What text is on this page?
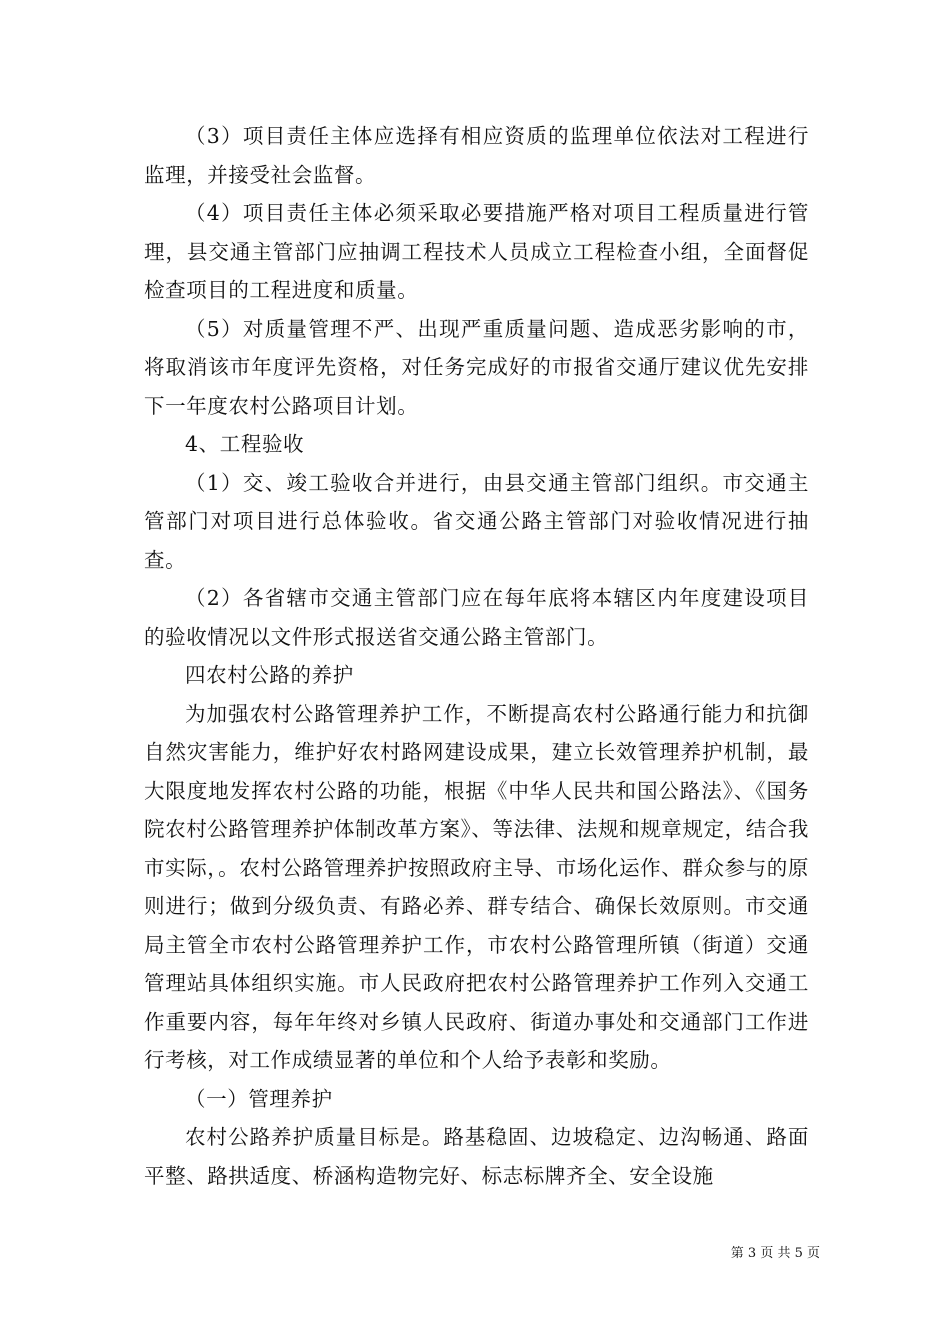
（3）项目责任主体应选择有相应资质的监理单位依法对工程进行监理，并接受社会监督。

（4）项目责任主体必须采取必要措施严格对项目工程质量进行管理，县交通主管部门应抽调工程技术人员成立工程检查小组，全面督促检查项目的工程进度和质量。

（5）对质量管理不严、出现严重质量问题、造成恶劣影响的市，将取消该市年度评先资格，对任务完成好的市报省交通厅建议优先安排下一年度农村公路项目计划。

4、工程验收

（1）交、竣工验收合并进行，由县交通主管部门组织。市交通主管部门对项目进行总体验收。省交通公路主管部门对验收情况进行抽查。

（2）各省辖市交通主管部门应在每年底将本辖区内年度建设项目的验收情况以文件形式报送省交通公路主管部门。

四农村公路的养护

为加强农村公路管理养护工作，不断提高农村公路通行能力和抗御自然灾害能力，维护好农村路网建设成果，建立长效管理养护机制，最大限度地发挥农村公路的功能，根据《中华人民共和国公路法》、《国务院农村公路管理养护体制改革方案》、等法律、法规和规章规定，结合我市实际，。农村公路管理养护按照政府主导、市场化运作、群众参与的原则进行；做到分级负责、有路必养、群专结合、确保长效原则。市交通局主管全市农村公路管理养护工作，市农村公路管理所镇（街道）交通管理站具体组织实施。市人民政府把农村公路管理养护工作列入交通工作重要内容，每年年终对乡镇人民政府、街道办事处和交通部门工作进行考核，对工作成绩显著的单位和个人给予表彰和奖励。

（一）管理养护

农村公路养护质量目标是。路基稳固、边坡稳定、边沟畅通、路面平整、路拱适度、桥涵构造物完好、标志标牌齐全、安全设施

第 3 页 共 5 页
